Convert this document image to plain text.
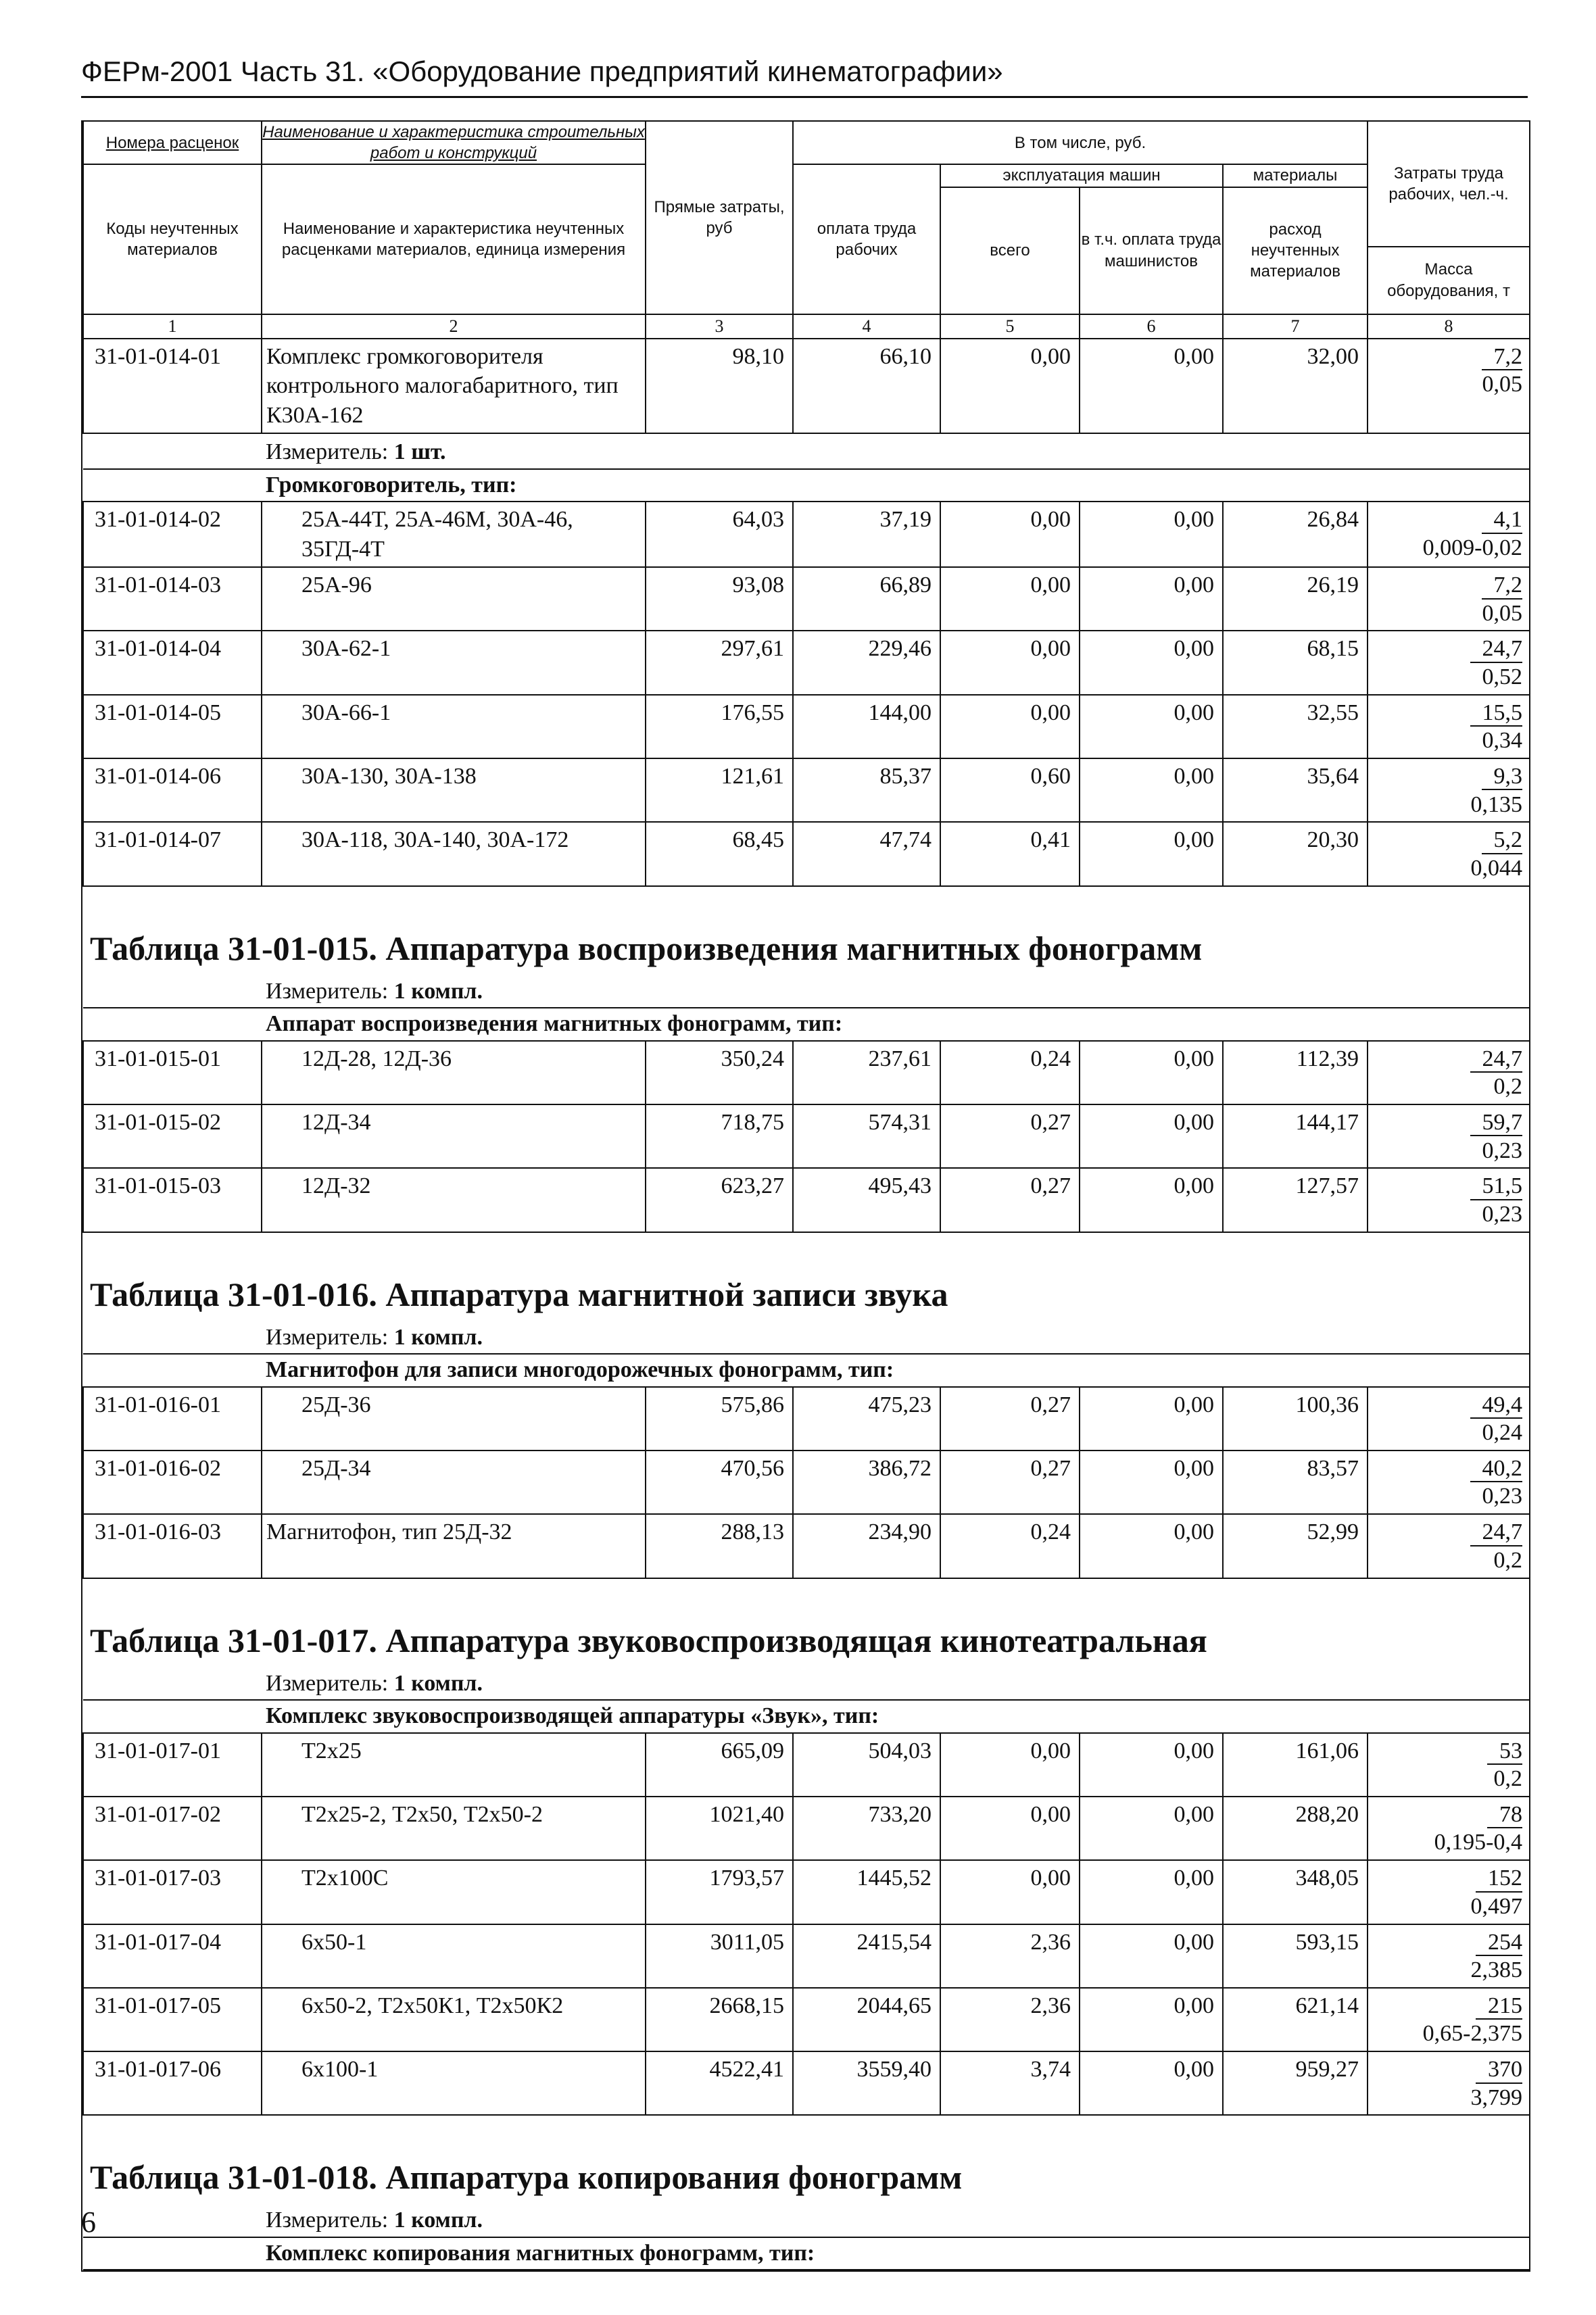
ФЕРм-2001 Часть 31. «Оборудование предприятий кинематографии»
Номера расценок	Наименование и характеристика строительных работ и конструкций	Прямые затраты, руб	В том числе, руб.				Затраты труда рабочих, чел.-ч.
Коды неучтенных материалов	Наименование и характеристика неучтенных расценками материалов, единица измерения		оплата труда рабочих	эксплуатация машин		материалы	
				всего	в т.ч. оплата труда машинистов	расход неучтенных материалов	

							Масса оборудования, т
1	2	3	4	5	6	7	8
31-01-014-01	Комплекс громкоговорителя контрольного малогабаритного, тип К30А-162	98,10	66,10	0,00	0,00	32,00	7,2
0,05

Измеритель: 1 шт.							
Громкоговоритель, тип:							
31-01-014-02	25А-44Т, 25А-46М, 30А-46, 35ГД-4Т	64,03	37,19	0,00	0,00	26,84	4,1
0,009-0,02

31-01-014-03	25А-96	93,08	66,89	0,00	0,00	26,19	7,2
0,05

31-01-014-04	30А-62-1	297,61	229,46	0,00	0,00	68,15	24,7
0,52

31-01-014-05	30А-66-1	176,55	144,00	0,00	0,00	32,55	15,5
0,34

31-01-014-06	30А-130, 30А-138	121,61	85,37	0,60	0,00	35,64	9,3
0,135

31-01-014-07	30А-118, 30А-140, 30А-172	68,45	47,74	0,41	0,00	20,30	5,2
0,044

Таблица 31-01-015. Аппаратура воспроизведения магнитных фонограмм							
Измеритель: 1 компл.							
Аппарат воспроизведения магнитных фонограмм, тип:							
31-01-015-01	12Д-28, 12Д-36	350,24	237,61	0,24	0,00	112,39	24,7
0,2

31-01-015-02	12Д-34	718,75	574,31	0,27	0,00	144,17	59,7
0,23

31-01-015-03	12Д-32	623,27	495,43	0,27	0,00	127,57	51,5
0,23

Таблица 31-01-016. Аппаратура магнитной записи звука							
Измеритель: 1 компл.							
Магнитофон для записи многодорожечных фонограмм, тип:							
31-01-016-01	25Д-36	575,86	475,23	0,27	0,00	100,36	49,4
0,24

31-01-016-02	25Д-34	470,56	386,72	0,27	0,00	83,57	40,2
0,23

31-01-016-03	Магнитофон, тип 25Д-32	288,13	234,90	0,24	0,00	52,99	24,7
0,2

Таблица 31-01-017. Аппаратура звуковоспроизводящая кинотеатральная							
Измеритель: 1 компл.							
Комплекс звуковоспроизводящей аппаратуры «Звук», тип:							
31-01-017-01	Т2х25	665,09	504,03	0,00	0,00	161,06	53
0,2

31-01-017-02	Т2х25-2, Т2х50, Т2х50-2	1021,40	733,20	0,00	0,00	288,20	78
0,195-0,4

31-01-017-03	Т2х100С	1793,57	1445,52	0,00	0,00	348,05	152
0,497

31-01-017-04	6х50-1	3011,05	2415,54	2,36	0,00	593,15	254
2,385

31-01-017-05	6х50-2, Т2х50К1, Т2х50К2	2668,15	2044,65	2,36	0,00	621,14	215
0,65-2,375

31-01-017-06	6х100-1	4522,41	3559,40	3,74	0,00	959,27	370
3,799

Таблица 31-01-018. Аппаратура копирования фонограмм							
Измеритель: 1 компл.							
Комплекс копирования магнитных фонограмм, тип:							
6
